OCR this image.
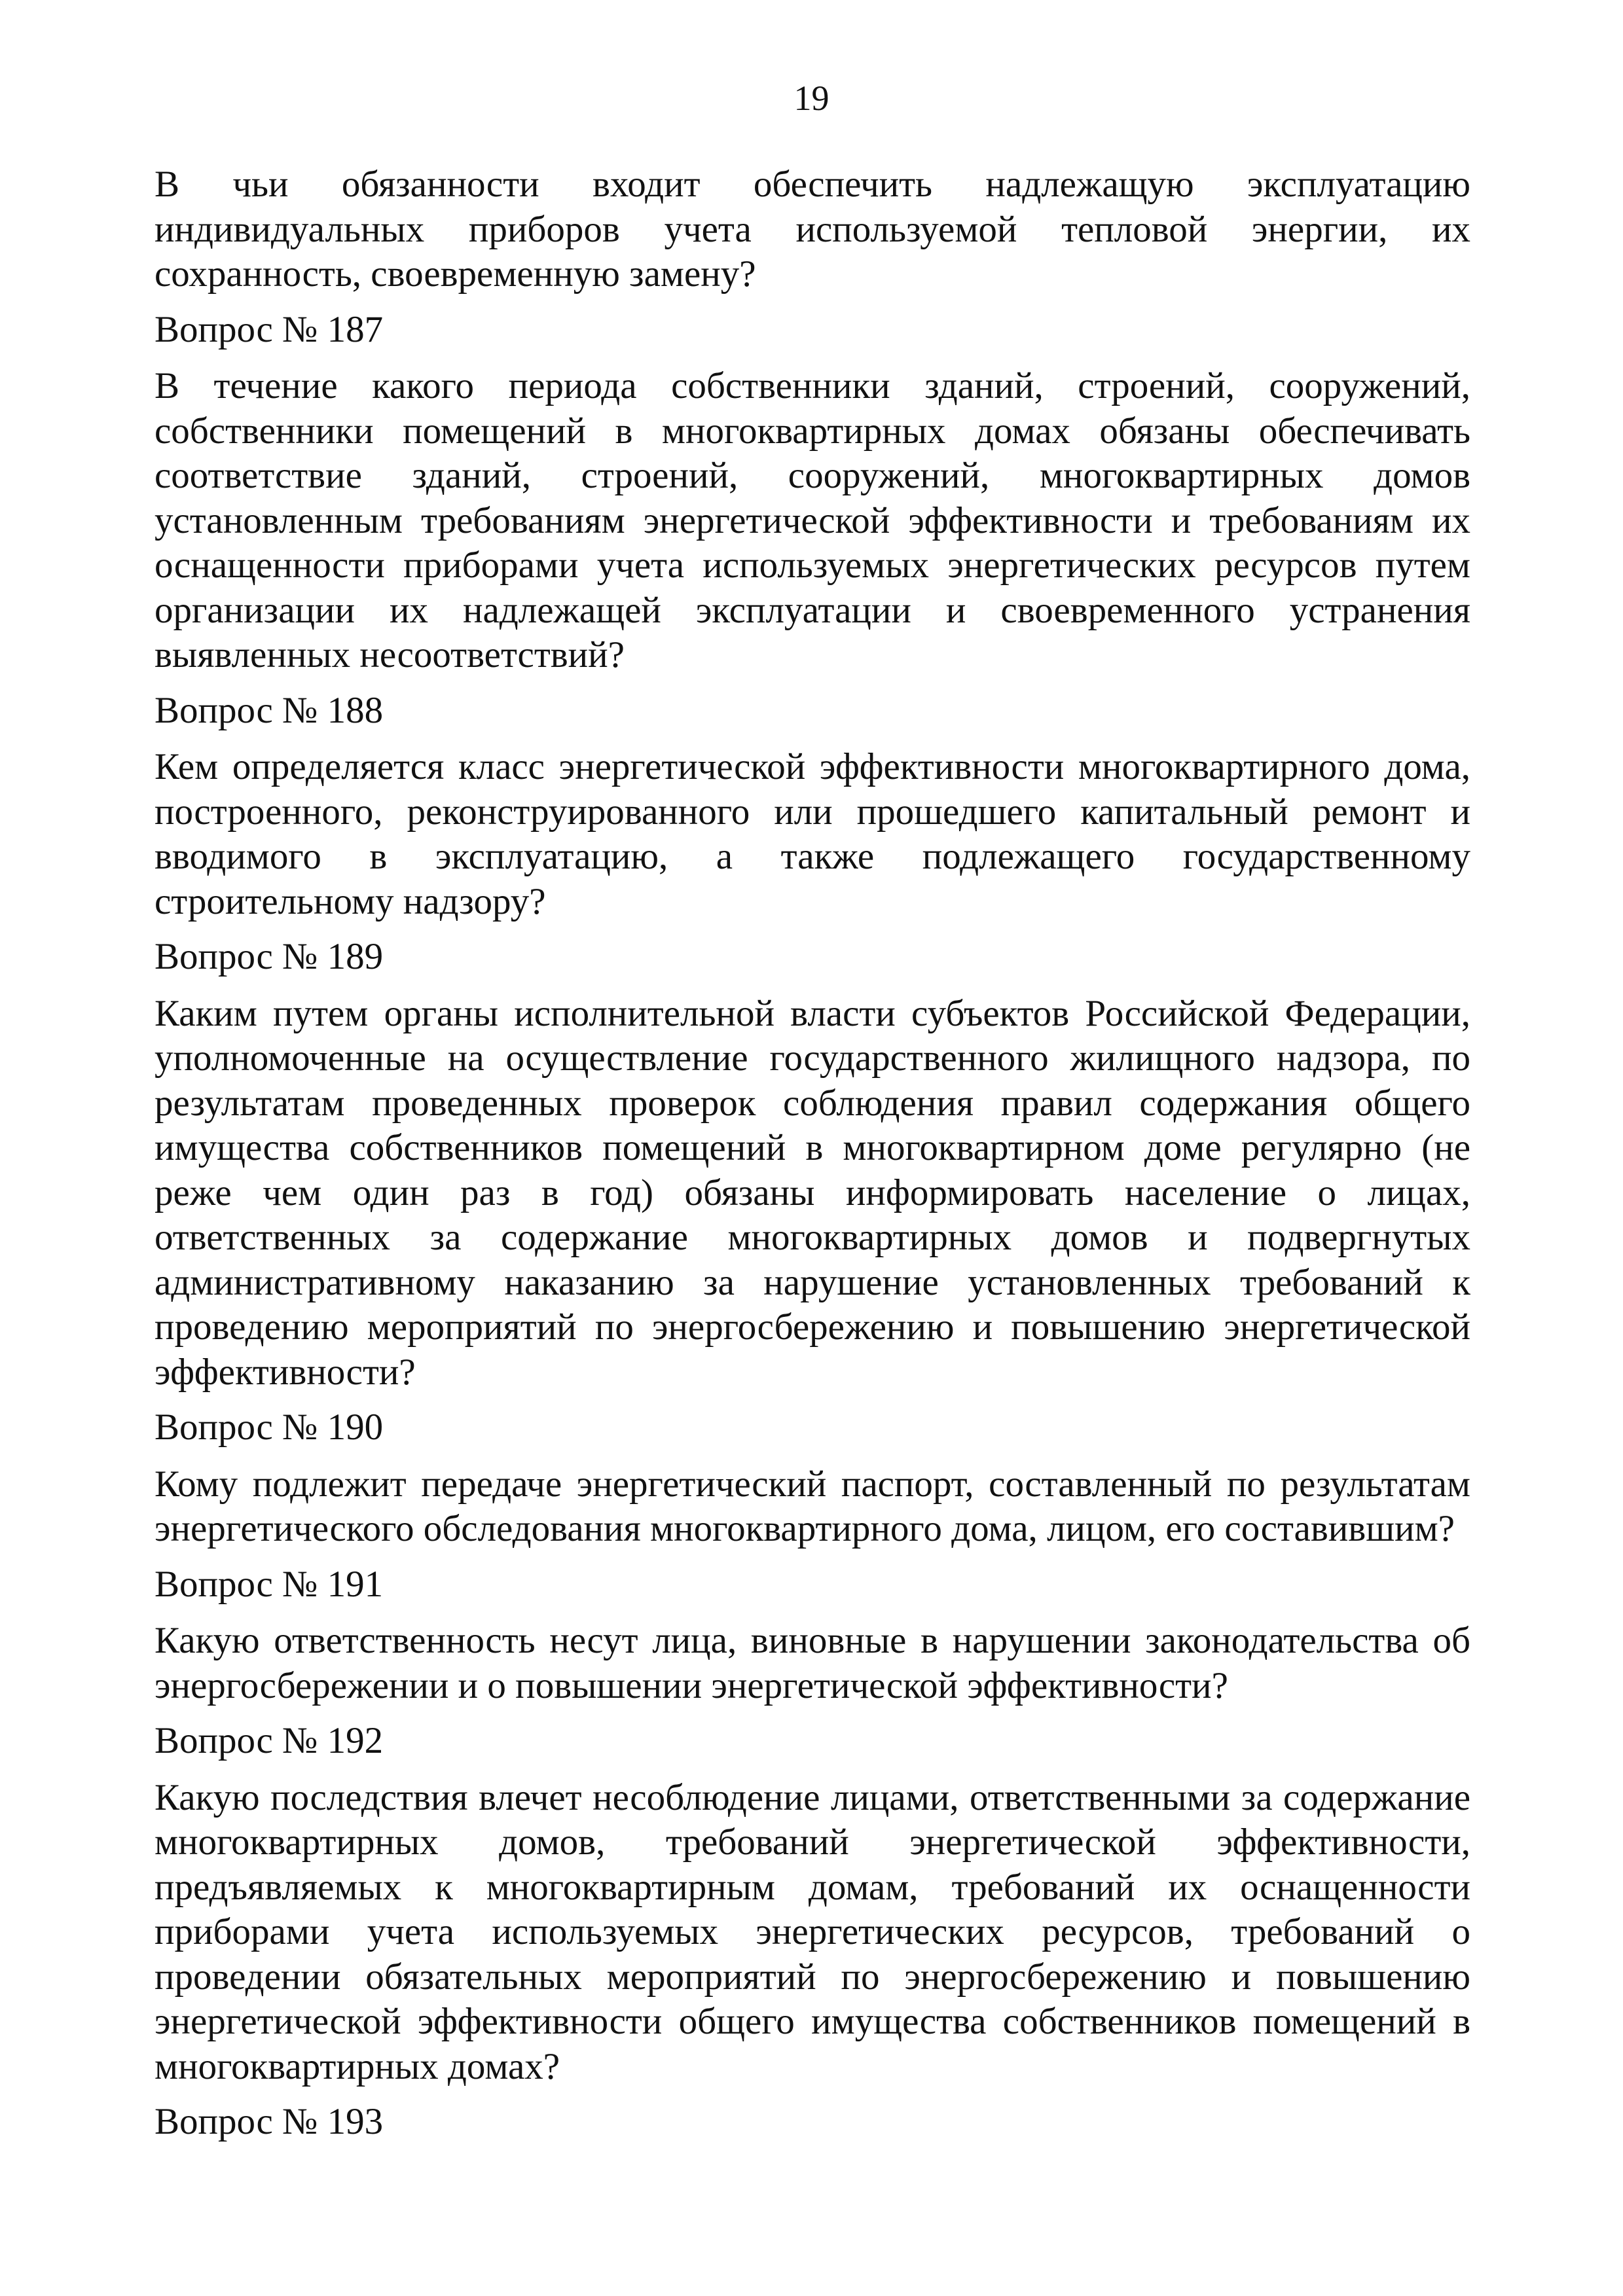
19

В чьи обязанности входит обеспечить надлежащую эксплуатацию индивидуальных приборов учета используемой тепловой энергии, их сохранность, своевременную замену?

Вопрос № 187

В течение какого периода собственники зданий, строений, сооружений, собственники помещений в многоквартирных домах обязаны обеспечивать соответствие зданий, строений, сооружений, многоквартирных домов установленным требованиям энергетической эффективности и требованиям их оснащенности приборами учета используемых энергетических ресурсов путем организации их надлежащей эксплуатации и своевременного устранения выявленных несоответствий?

Вопрос № 188

Кем определяется класс энергетической эффективности многоквартирного дома, построенного, реконструированного или прошедшего капитальный ремонт и вводимого в эксплуатацию, а также подлежащего государственному строительному надзору?

Вопрос № 189

Каким путем органы исполнительной власти субъектов Российской Федерации, уполномоченные на осуществление государственного жилищного надзора, по результатам проведенных проверок соблюдения правил содержания общего имущества собственников помещений в многоквартирном доме регулярно (не реже чем один раз в год) обязаны информировать население о лицах, ответственных за содержание многоквартирных домов и подвергнутых административному наказанию за нарушение установленных требований к проведению мероприятий по энергосбережению и повышению энергетической эффективности?

Вопрос № 190

Кому подлежит передаче энергетический паспорт, составленный по результатам энергетического обследования многоквартирного дома, лицом, его составившим?

Вопрос № 191

Какую ответственность несут лица, виновные в нарушении законодательства об энергосбережении и о повышении энергетической эффективности?

Вопрос № 192

Какую последствия влечет несоблюдение лицами, ответственными за содержание многоквартирных домов, требований энергетической эффективности, предъявляемых к многоквартирным домам, требований их оснащенности приборами учета используемых энергетических ресурсов, требований о проведении обязательных мероприятий по энергосбережению и повышению энергетической эффективности общего имущества собственников помещений в многоквартирных домах?

Вопрос № 193
